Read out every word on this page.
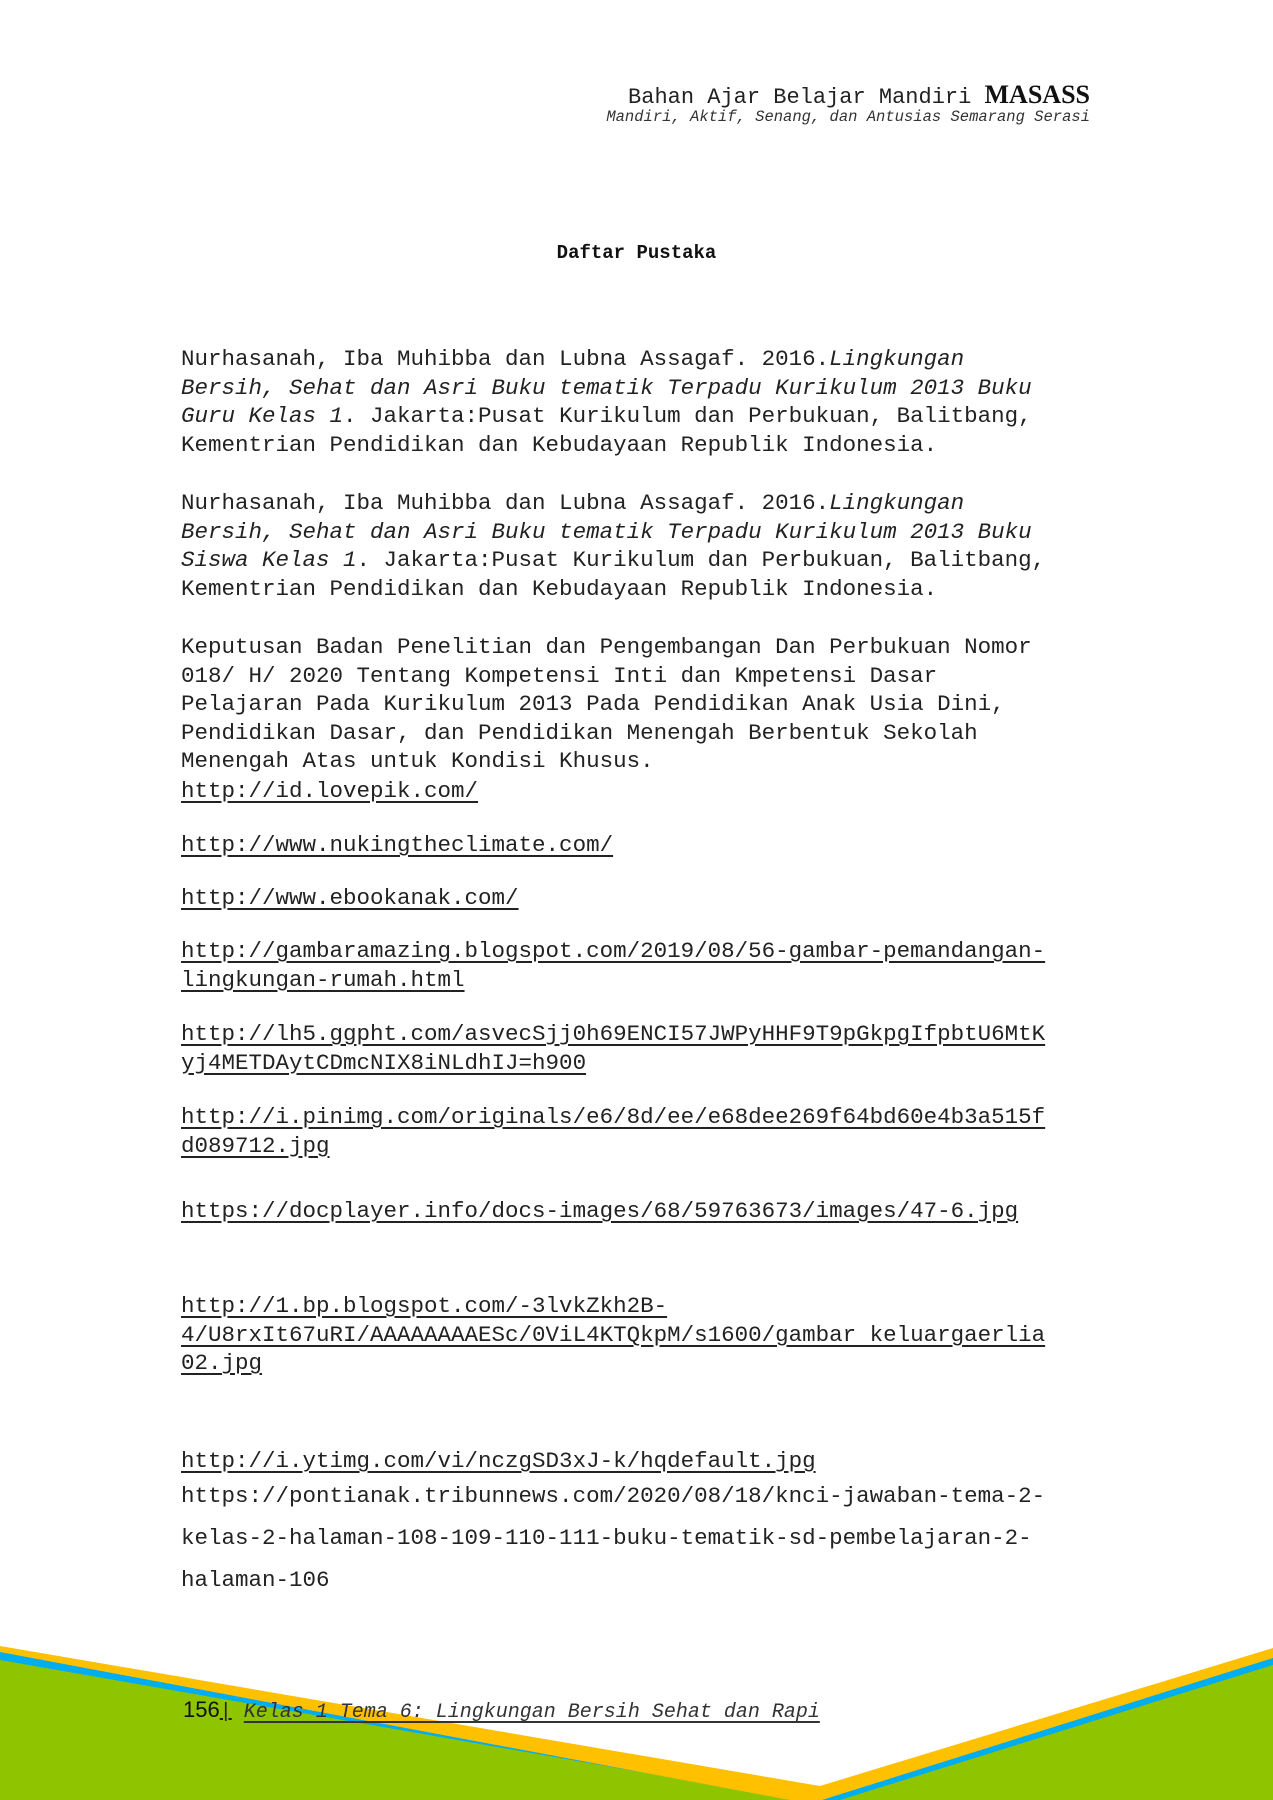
Bahan Ajar Belajar Mandiri MASASS
Mandiri, Aktif, Senang, dan Antusias Semarang Serasi
Daftar Pustaka
Nurhasanah, Iba Muhibba dan Lubna Assagaf. 2016.Lingkungan
Bersih, Sehat dan Asri Buku tematik Terpadu Kurikulum 2013 Buku
Guru Kelas 1. Jakarta:Pusat Kurikulum dan Perbukuan, Balitbang,
Kementrian Pendidikan dan Kebudayaan Republik Indonesia.
Nurhasanah, Iba Muhibba dan Lubna Assagaf. 2016.Lingkungan
Bersih, Sehat dan Asri Buku tematik Terpadu Kurikulum 2013 Buku
Siswa Kelas 1. Jakarta:Pusat Kurikulum dan Perbukuan, Balitbang,
Kementrian Pendidikan dan Kebudayaan Republik Indonesia.
Keputusan Badan Penelitian dan Pengembangan Dan Perbukuan Nomor
018/ H/ 2020 Tentang Kompetensi Inti dan Kmpetensi Dasar
Pelajaran Pada Kurikulum 2013 Pada Pendidikan Anak Usia Dini,
Pendidikan Dasar, dan Pendidikan Menengah Berbentuk Sekolah
Menengah Atas untuk Kondisi Khusus.
http://id.lovepik.com/
http://www.nukingtheclimate.com/
http://www.ebookanak.com/
http://gambaramazing.blogspot.com/2019/08/56-gambar-pemandangan-
lingkungan-rumah.html
http://lh5.ggpht.com/asvecSjj0h69ENCI57JWPyHHF9T9pGkpgIfpbtU6MtK
yj4METDAytCDmcNIX8iNLdhIJ=h900
http://i.pinimg.com/originals/e6/8d/ee/e68dee269f64bd60e4b3a515f
d089712.jpg
https://docplayer.info/docs-images/68/59763673/images/47-6.jpg
http://1.bp.blogspot.com/-3lvkZkh2B-
4/U8rxIt67uRI/AAAAAAAAESc/0ViL4KTQkpM/s1600/gambar keluargaerlia
02.jpg
http://i.ytimg.com/vi/nczgSD3xJ-k/hqdefault.jpg
https://pontianak.tribunnews.com/2020/08/18/knci-jawaban-tema-2-
kelas-2-halaman-108-109-110-111-buku-tematik-sd-pembelajaran-2-
halaman-106
156| Kelas 1 Tema 6: Lingkungan Bersih Sehat dan Rapi
